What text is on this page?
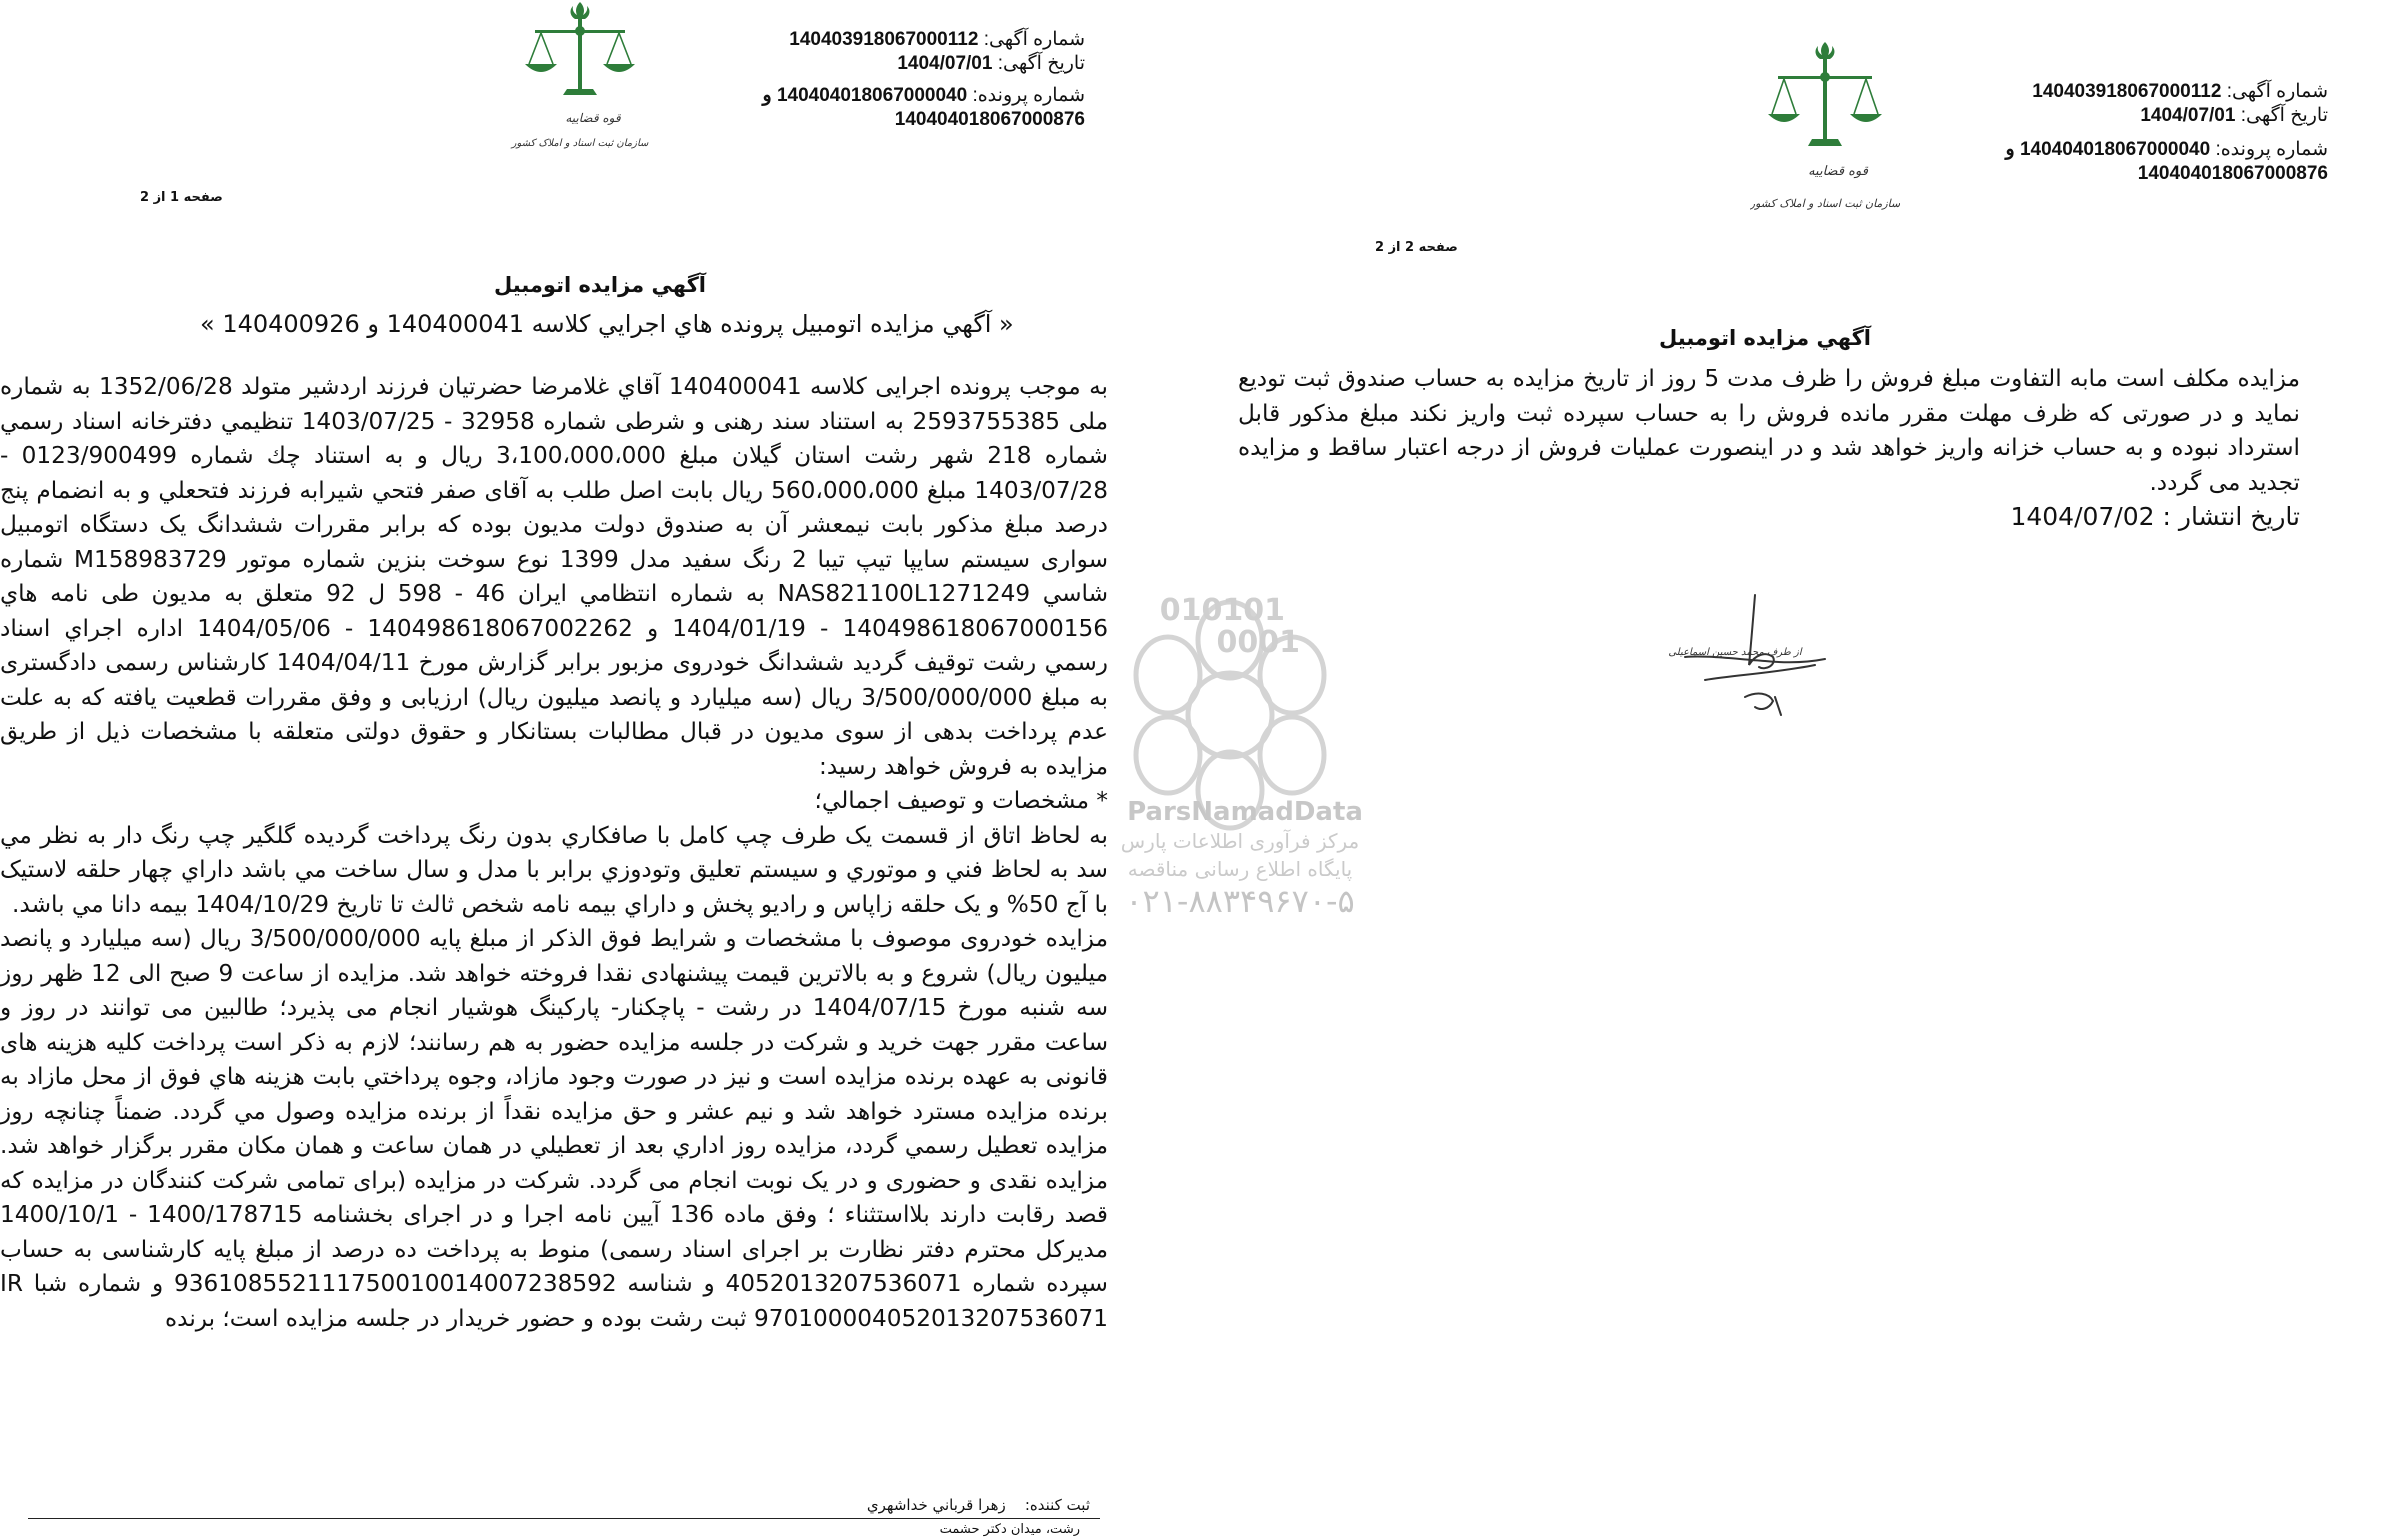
قوه قضاييه
سازمان ثبت اسناد و املاک کشور
شماره آگهی: 140403918067000112
تاریخ آگهی: 1404/07/01
شماره پرونده: 140404018067000040 و
140404018067000876
صفحه 1 از 2
آگهي مزايده اتومبيل
« آگهي مزايده اتومبيل پرونده هاي اجرايي كلاسه 140400041 و 140400926 »
به موجب پرونده اجرایی کلاسه 140400041 آقاي غلامرضا حضرتيان فرزند اردشير متولد 1352/06/28 به شماره ملی 2593755385 به استناد سند رهنی و شرطی شماره 32958 - 1403/07/25 تنظيمي دفترخانه اسناد رسمي شماره 218 شهر رشت استان گيلان مبلغ 3،100،000،000 ريال و به استناد چك شماره 0123/900499 - 1403/07/28 مبلغ 560،000،000 ريال بابت اصل طلب به آقای صفر فتحي شيرابه فرزند فتحعلي و به انضمام پنج درصد مبلغ مذكور بابت نيمعشر آن به صندوق دولت مديون بوده كه برابر مقررات ششدانگ يک دستگاه اتومبيل سواری سیستم سایپا تیپ تیبا 2 رنگ سفید مدل 1399 نوع سوخت بنزين شماره موتور M158983729 شماره شاسي NAS821100L1271249 به شماره انتظامي ايران 46 - 598 ل 92 متعلق به مديون طی نامه هاي 140498618067000156 - 1404/01/19 و 140498618067002262 - 1404/05/06 اداره اجراي اسناد رسمي رشت توقيف گرديد ششدانگ خودروی مزبور برابر گزارش مورخ 1404/04/11 کارشناس رسمی دادگستری به مبلغ 3/500/000/000 ريال (سه ميليارد و پانصد ميليون ريال) ارزيابی و وفق مقررات قطعيت يافته كه به علت عدم پرداخت بدهی از سوی مديون در قبال مطالبات بستانكار و حقوق دولتی متعلقه با مشخصات ذيل از طريق مزايده به فروش خواهد رسيد:
* مشخصات و توصيف اجمالي؛
به لحاظ اتاق از قسمت يک طرف چپ كامل با صافكاري بدون رنگ پرداخت گرديده گلگير چپ رنگ دار به نظر مي سد به لحاظ فني و موتوري و سيستم تعليق وتودوزي برابر با مدل و سال ساخت مي باشد داراي چهار حلقه لاستيک با آج 50% و يک حلقه زاپاس و راديو پخش و داراي بيمه نامه شخص ثالث تا تاريخ 1404/10/29 بيمه دانا مي باشد.
مزايده خودروی موصوف با مشخصات و شرايط فوق الذكر از مبلغ پايه 3/500/000/000 ريال (سه ميليارد و پانصد ميليون ريال) شروع و به بالاترين قيمت پيشنهادی نقدا فروخته خواهد شد. مزايده از ساعت 9 صبح الی 12 ظهر روز سه شنبه مورخ 1404/07/15 در رشت - پاچكنار- پاركينگ هوشيار انجام می پذيرد؛ طالبين می توانند در روز و ساعت مقرر جهت خريد و شركت در جلسه مزايده حضور به هم رسانند؛ لازم به ذكر است پرداخت كليه هزينه های قانونی به عهده برنده مزايده است و نيز در صورت وجود مازاد، وجوه پرداختي بابت هزينه هاي فوق از محل مازاد به برنده مزايده مسترد خواهد شد و نيم عشر و حق مزايده نقداً از برنده مزايده وصول مي گردد. ضمناً چنانچه روز مزايده تعطيل رسمي گردد، مزايده روز اداري بعد از تعطيلي در همان ساعت و همان مكان مقرر برگزار خواهد شد. مزايده نقدی و حضوری و در يک نوبت انجام می گردد. شرکت در مزایده (برای تمامی شرکت کنندگان در مزایده که قصد رقابت دارند بلااستثناء ؛ وفق ماده 136 آيين نامه اجرا و در اجرای بخشنامه 1400/178715 - 1400/10/1 مديركل محترم دفتر نظارت بر اجرای اسناد رسمی) منوط به پرداخت ده درصد از مبلغ پایه كارشناسی به حساب سپرده شماره 4052013207536071 و شناسه 936108552111750010014007238592 و شماره شبا IR 970100004052013207536071 ثبت رشت بوده و حضور خريدار در جلسه مزايده است؛ برنده
ثبت کننده:    زهرا قرباني خداشهري
رشت، ميدان دكتر حشمت
010101
0001
ParsNamadData
مرکز فرآوری اطلاعات پارس
پایگاه اطلاع رسانی مناقصه
۰۲۱-۸۸۳۴۹۶۷۰-۵
قوه قضاييه
سازمان ثبت اسناد و املاک کشور
شماره آگهی: 140403918067000112
تاریخ آگهی: 1404/07/01
شماره پرونده: 140404018067000040 و
140404018067000876
صفحه 2 از 2
آگهي مزايده اتومبيل
مزايده مكلف است مابه التفاوت مبلغ فروش را ظرف مدت 5 روز از تاريخ مزايده به حساب صندوق ثبت توديع نمايد و در صورتی كه ظرف مهلت مقرر مانده فروش را به حساب سپرده ثبت واريز نكند مبلغ مذكور قابل استرداد نبوده و به حساب خزانه واريز خواهد شد و در اينصورت عمليات فروش از درجه اعتبار ساقط و مزايده تجديد می گردد.
تاريخ انتشار : 1404/07/02
از طرف محمد حسین اسماعیلی
